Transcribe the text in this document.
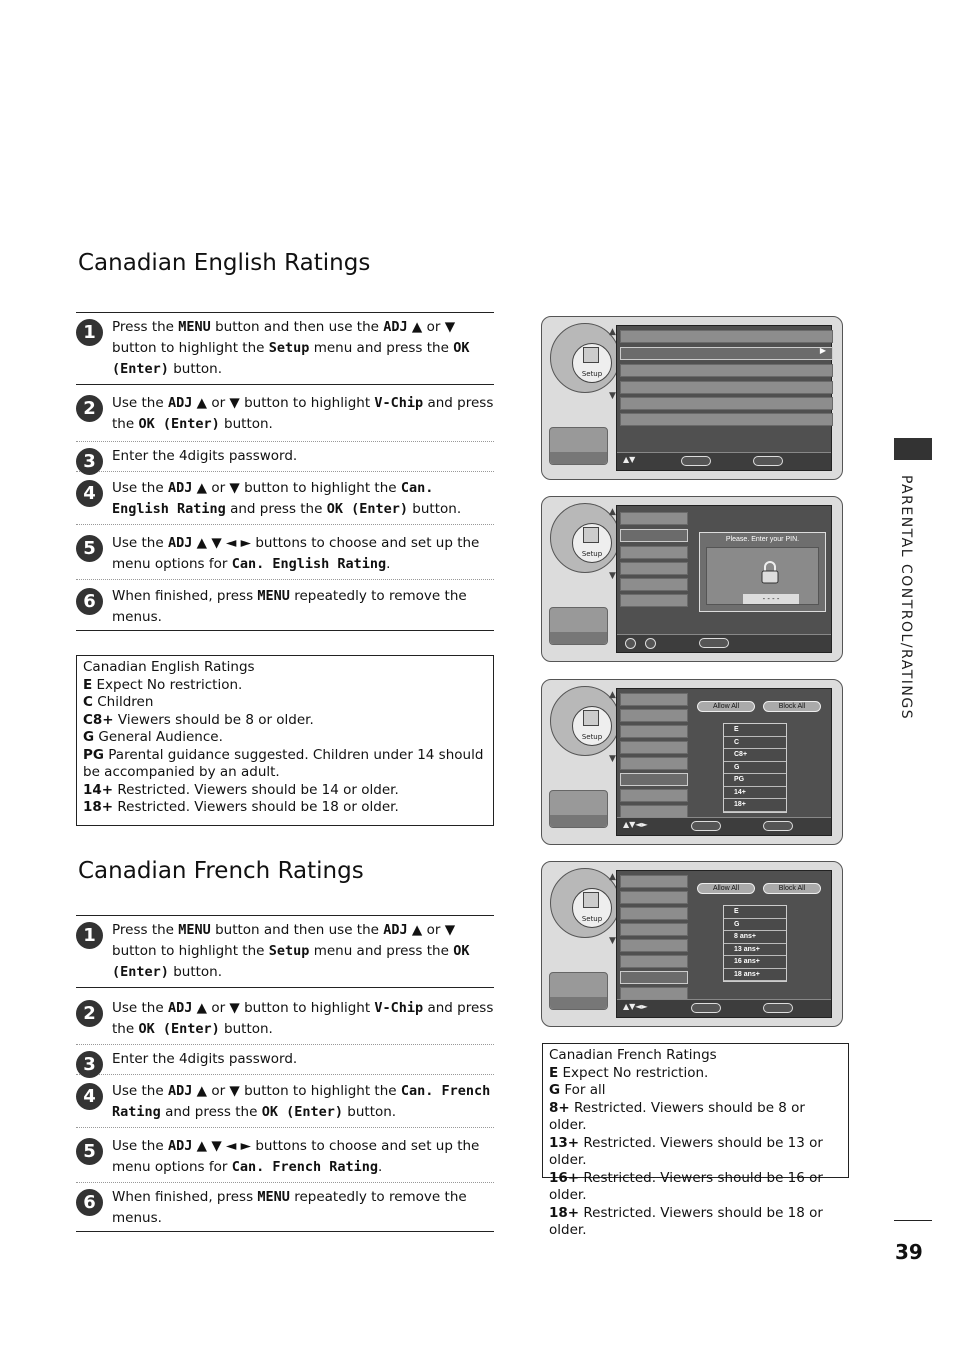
Canadian English Ratings
1	Press the MENU button and then use the ADJ ▲ or ▼ button to highlight the Setup menu and press the OK (Enter) button.
2	Use the ADJ ▲ or ▼ button to highlight V-Chip and press the OK (Enter) button.
3	Enter the 4digits password.
4	Use the ADJ ▲ or ▼ button to highlight the Can. English Rating and press the OK (Enter) button.
5	Use the ADJ ▲ ▼ ◄ ► buttons to choose and set up the menu options for Can. English Rating.
6	When finished, press MENU repeatedly to remove the menus.
Canadian English Ratings
E Expect No restriction.
C Children
C8+ Viewers should be 8 or older.
G General Audience.
PG Parental guidance suggested. Children under 14 should be accompanied by an adult.
14+ Restricted. Viewers should be 14 or older.
18+ Restricted. Viewers should be 18 or older.
Canadian French Ratings
1	Press the MENU button and then use the ADJ ▲ or ▼ button to highlight the Setup menu and press the OK (Enter) button.
2	Use the ADJ ▲ or ▼ button to highlight V-Chip and press the OK (Enter) button.
3	Enter the 4digits password.
4	Use the ADJ ▲ or ▼ button to highlight the Can. French Rating and press the OK (Enter) button.
5	Use the ADJ ▲ ▼ ◄ ► buttons to choose and set up the menu options for Can. French Rating.
6	When finished, press MENU repeatedly to remove the menus.
Canadian French Ratings
E Expect No restriction.
G For all
8+ Restricted. Viewers should be 8 or older.
13+ Restricted. Viewers should be 13 or older.
16+ Restricted. Viewers should be 16 or older.
18+ Restricted. Viewers should be 18 or older.
Setup
▲
▼
▶
▲▼
Setup
▲
▼
Please. Enter your PIN.
- - - -
Setup
▲
▼
Allow All	Block All
E
C
C8+
G
PG
14+
18+
▲▼◄►
Setup
▲
▼
Allow All	Block All
E
G
8 ans+
13 ans+
16 ans+
18 ans+
▲▼◄►
PARENTAL CONTROL/RATINGS
39
